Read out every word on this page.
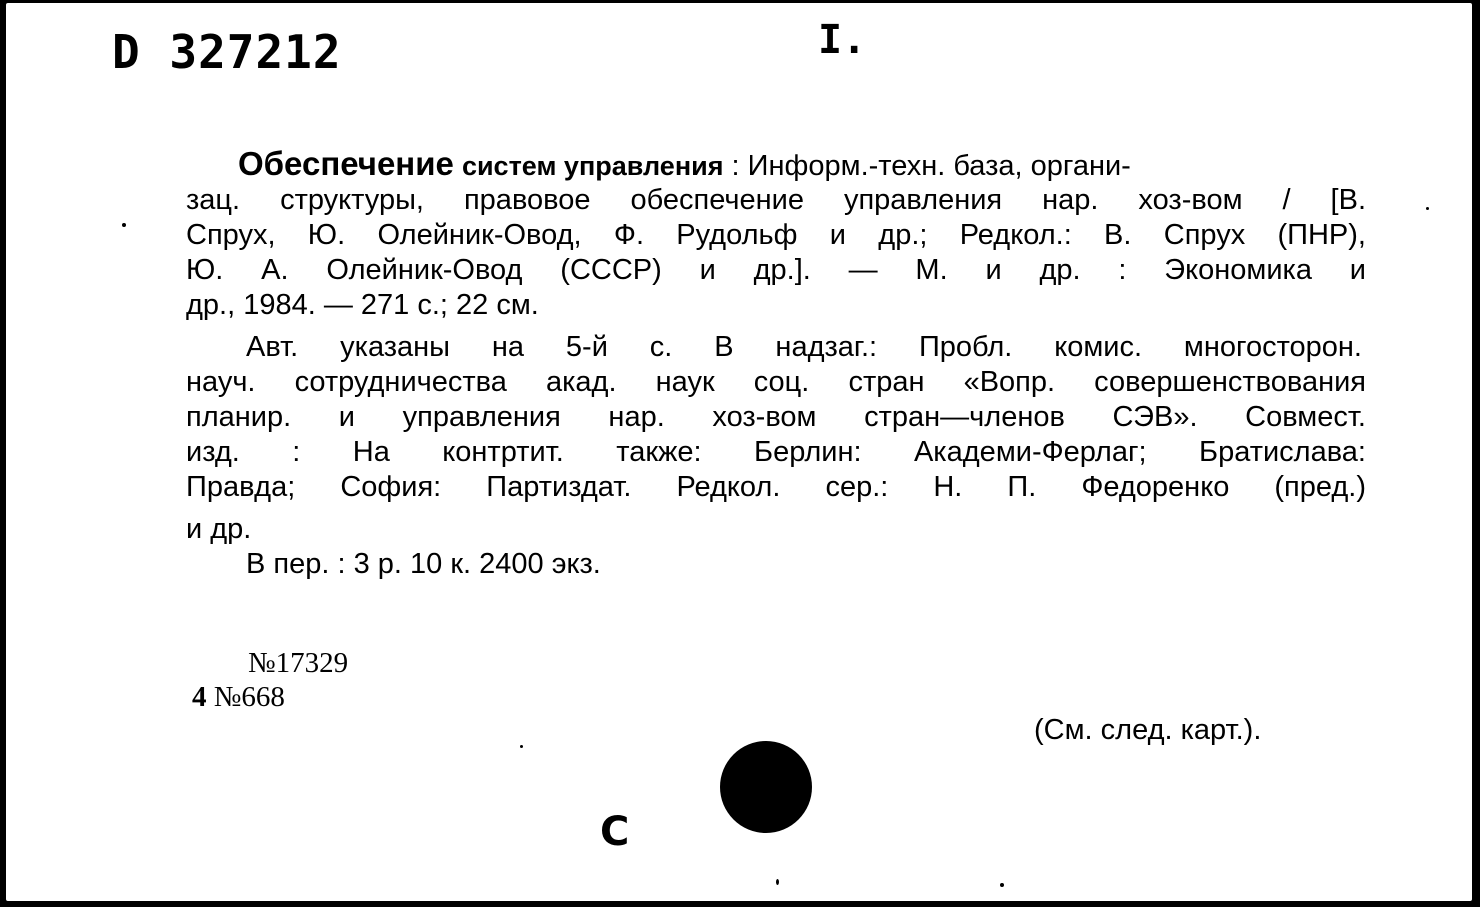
D 327212	I.
Обеспечение систем управления : Информ.-техн. база, органи-
зац. структуры, правовое обеспечение управления нар. хоз-вом / [В.
Спрух, Ю. Олейник-Овод, Ф. Рудольф и др.; Редкол.: В. Спрух (ПНР),
Ю. А. Олейник-Овод (СССР) и др.]. — М. и др. : Экономика и
др., 1984. — 271 с.; 22 см.
Авт. указаны на 5-й с. В надзаг.: Пробл. комис. многосторон.
науч. сотрудничества акад. наук соц. стран «Вопр. совершенствования
планир. и управления нар. хоз-вом стран—членов СЭВ». Совмест.
изд. : На контртит. также: Берлин: Академи-Ферлаг; Братислава:
Правда; София: Партиздат. Редкол. сер.: Н. П. Федоренко (пред.)
и др.
В пер. : 3 р. 10 к. 2400 экз.
№17329
4 №668
(См. след. карт.).
С
